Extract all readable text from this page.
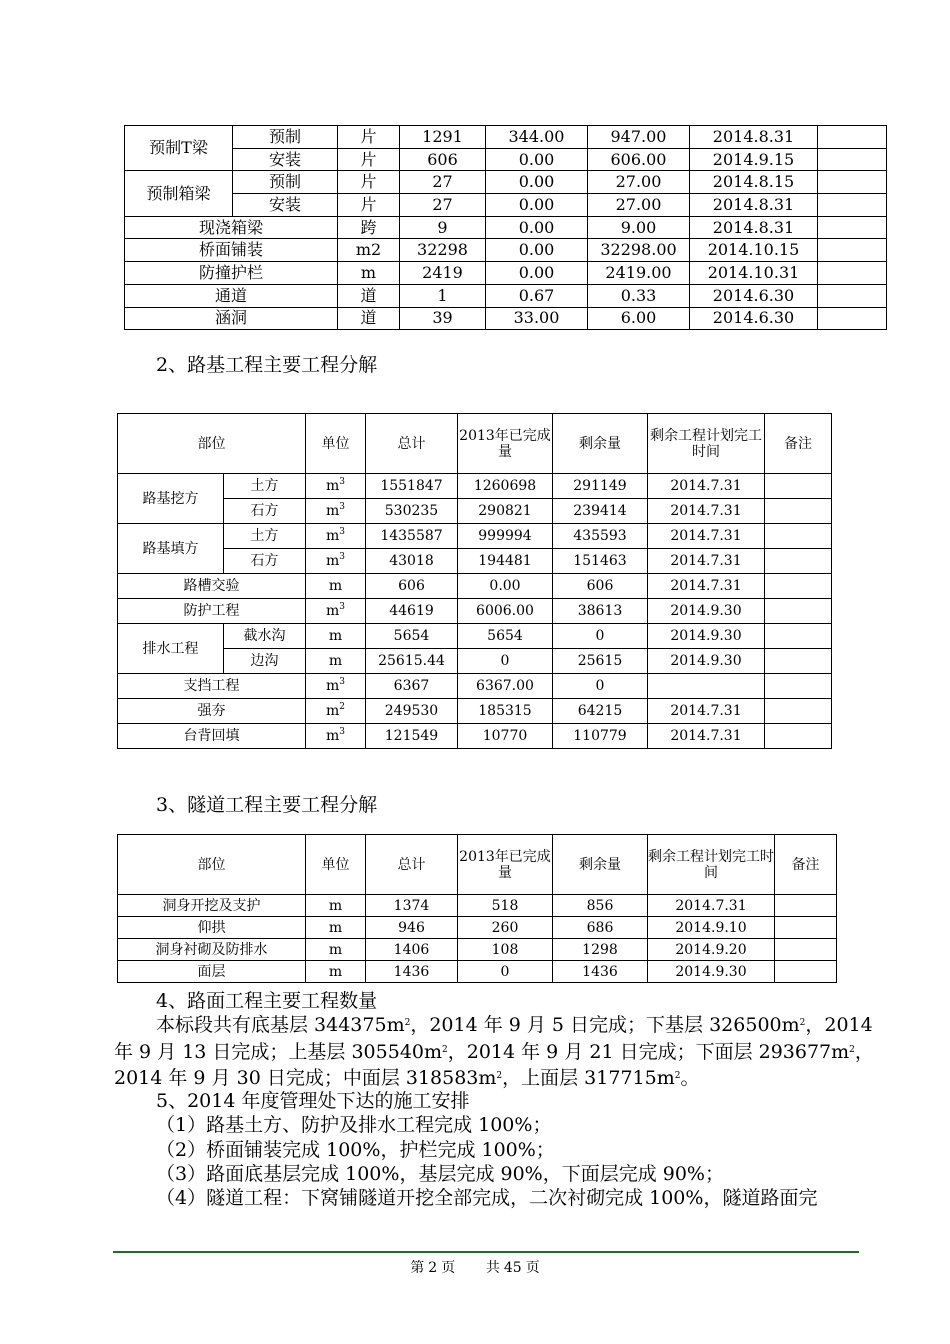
预制T梁	预制	片	1291	344.00	947.00	2014.8.31	
	安装	片	606	0.00	606.00	2014.9.15	
预制箱梁	预制	片	27	0.00	27.00	2014.8.15	
	安装	片	27	0.00	27.00	2014.8.31	
现浇箱梁		跨	9	0.00	9.00	2014.8.31	
桥面铺装		m2	32298	0.00	32298.00	2014.10.15	
防撞护栏		m	2419	0.00	2419.00	2014.10.31	
通道		道	1	0.67	0.33	2014.6.30	
涵洞		道	39	33.00	6.00	2014.6.30	
2、路基工程主要工程分解
部位		单位	总计	2013年已完成量	剩余量	剩余工程计划完工时间	备注
路基挖方	土方	$m^3$	1551847	1260698	291149	2014.7.31	
	石方	$m^3$	530235	290821	239414	2014.7.31	
路基填方	土方	$m^3$	1435587	999994	435593	2014.7.31	
	石方	$m^3$	43018	194481	151463	2014.7.31	
路槽交验		m	606	0.00	606	2014.7.31	
防护工程		$m^3$	44619	6006.00	38613	2014.9.30	
排水工程	截水沟	m	5654	5654	0	2014.9.30	
	边沟	m	25615.44	0	25615	2014.9.30	
支挡工程		$m^3$	6367	6367.00	0		
强夯		$m^2$	249530	185315	64215	2014.7.31	
台背回填		$m^3$	121549	10770	110779	2014.7.31	
3、隧道工程主要工程分解
部位	单位	总计	2013年已完成量	剩余量	剩余工程计划完工时间	备注
洞身开挖及支护	m	1374	518	856	2014.7.31	
仰拱	m	946	260	686	2014.9.10	
洞身衬砌及防排水	m	1406	108	1298	2014.9.20	
面层	m	1436	0	1436	2014.9.30	
4、路面工程主要工程数量
本标段共有底基层 $344375m^2$，2014 年 9 月 5 日完成；下基层 $326500m^2$，2014
年 9 月 13 日完成；上基层 $305540m^2$，2014 年 9 月 21 日完成；下面层 $293677m^2$，
2014 年 9 月 30 日完成；中面层 $318583m^2$，上面层 $317715m^2$。
5、2014 年度管理处下达的施工安排
（1）路基土方、防护及排水工程完成 100%；
（2）桥面铺装完成 100%，护栏完成 100%；
（3）路面底基层完成 100%，基层完成 90%，下面层完成 90%；
（4）隧道工程：下窝铺隧道开挖全部完成，二次衬砌完成 100%，隧道路面完
第 2 页 共 45 页
